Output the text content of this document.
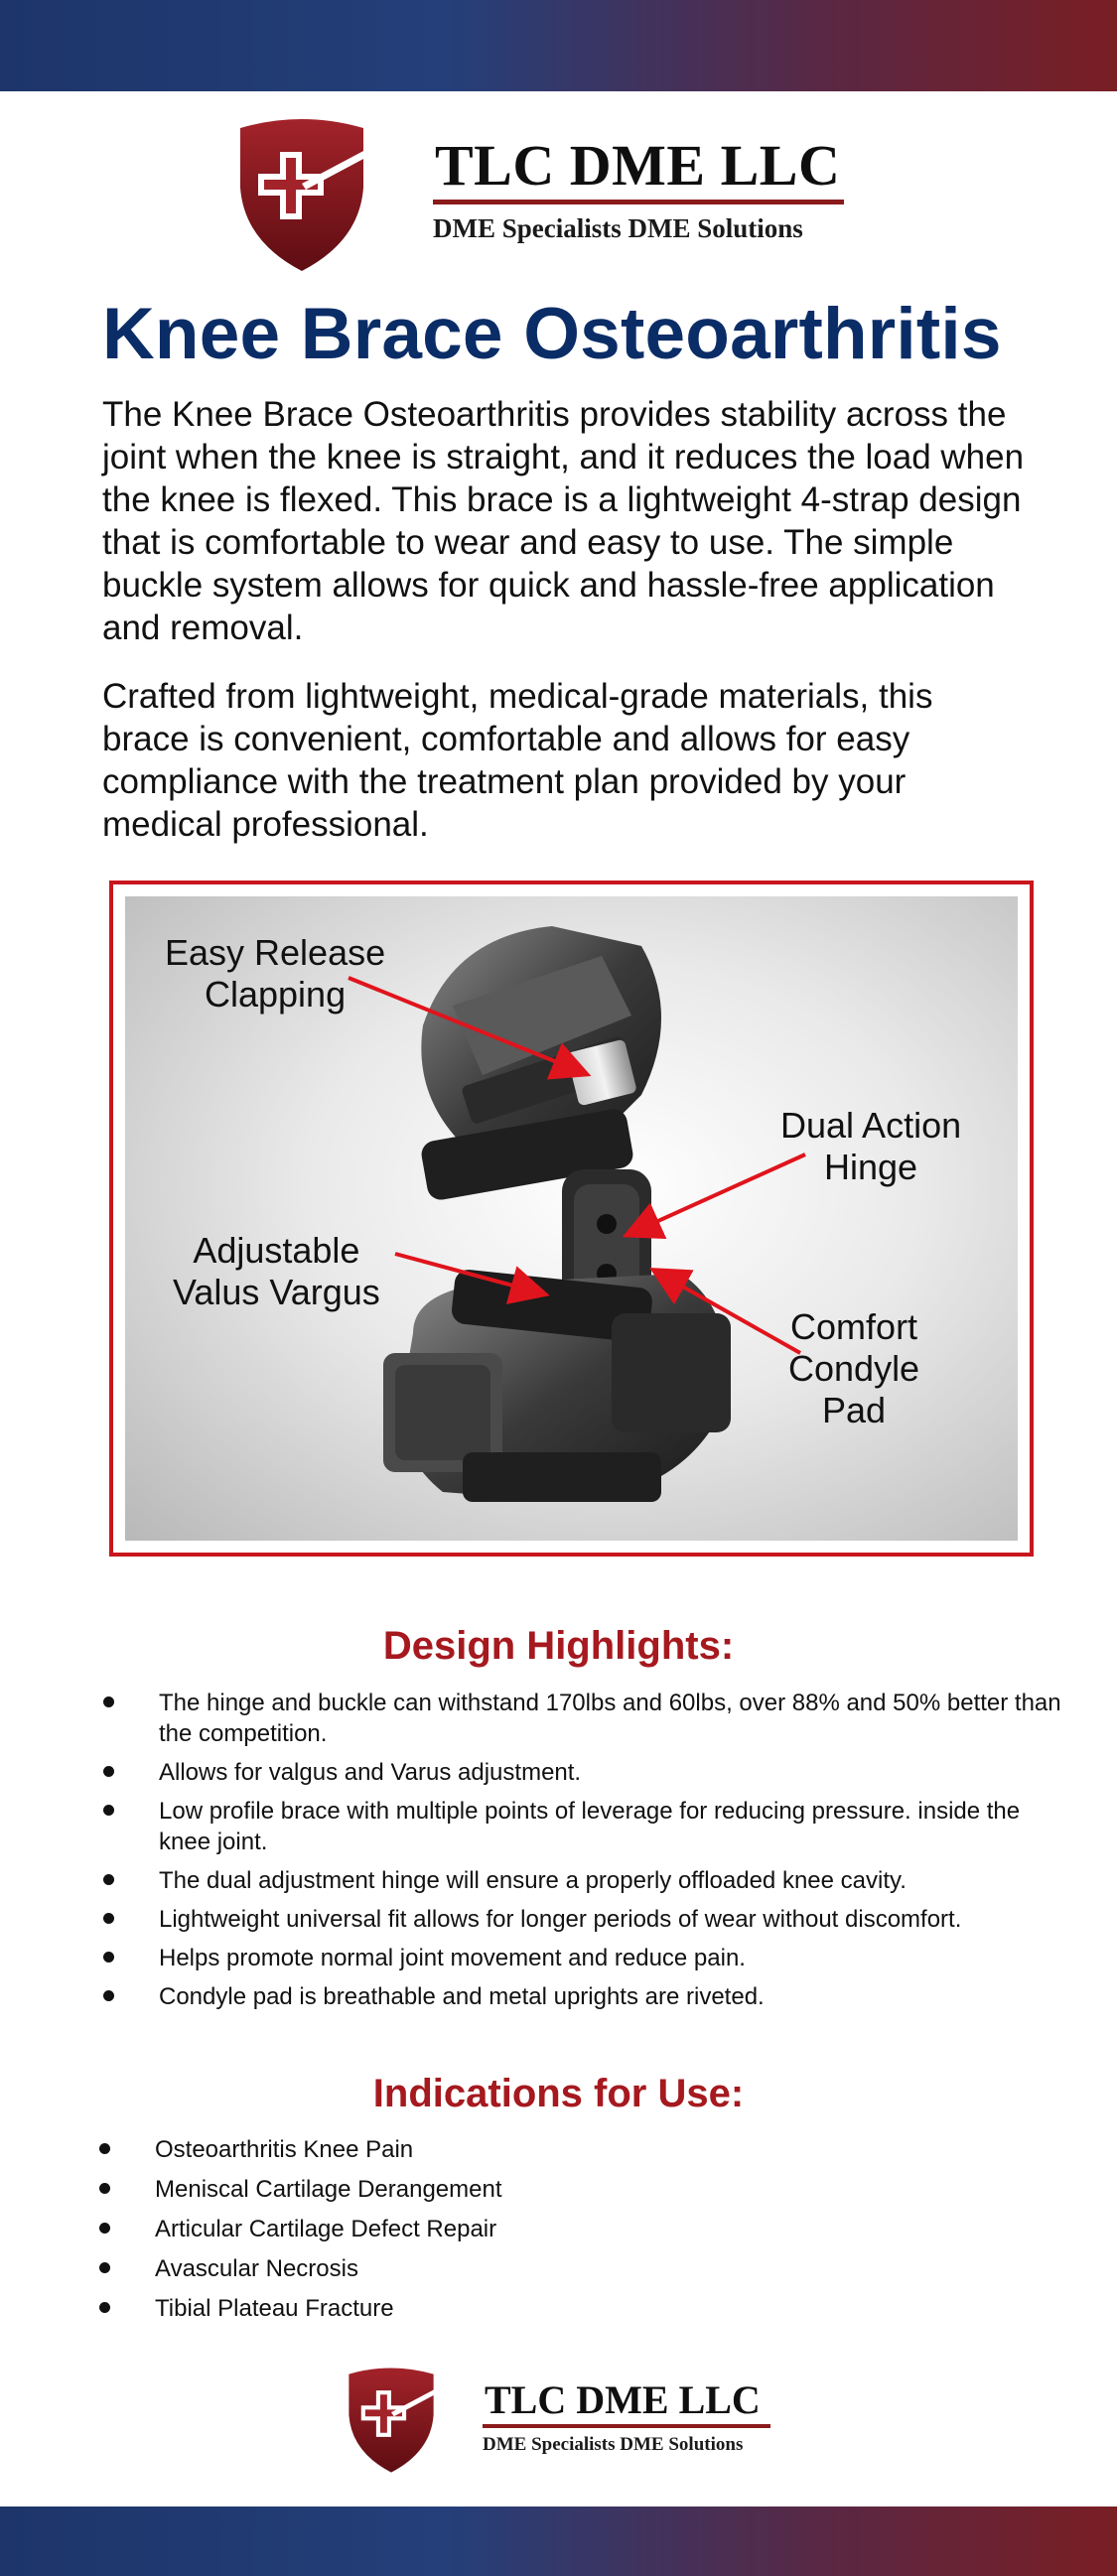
TLC DME LLC
DME Specialists DME Solutions
Knee Brace Osteoarthritis

The Knee Brace Osteoarthritis provides stability across the joint when the knee is straight, and it reduces the load when the knee is flexed. This brace is a lightweight 4-strap design that is comfortable to wear and easy to use. The simple buckle system allows for quick and hassle-free application and removal.

Crafted from lightweight, medical-grade materials, this brace is convenient, comfortable and allows for easy compliance with the treatment plan provided by your medical professional.

Easy Release
Clapping
Dual Action
Hinge
Adjustable
Valus Vargus
Comfort
Condyle
Pad
Design Highlights:
The hinge and buckle can withstand 170lbs and 60lbs, over 88% and 50% better than the competition.
Allows for valgus and Varus adjustment.
Low profile brace with multiple points of leverage for reducing pressure. inside the knee joint.
The dual adjustment hinge will ensure a properly offloaded knee cavity.
Lightweight universal fit allows for longer periods of wear without discomfort.
Helps promote normal joint movement and reduce pain.
Condyle pad is breathable and metal uprights are riveted.
Indications for Use:
Osteoarthritis Knee Pain
Meniscal Cartilage Derangement
Articular Cartilage Defect Repair
Avascular Necrosis
Tibial Plateau Fracture
TLC DME LLC
DME Specialists DME Solutions
